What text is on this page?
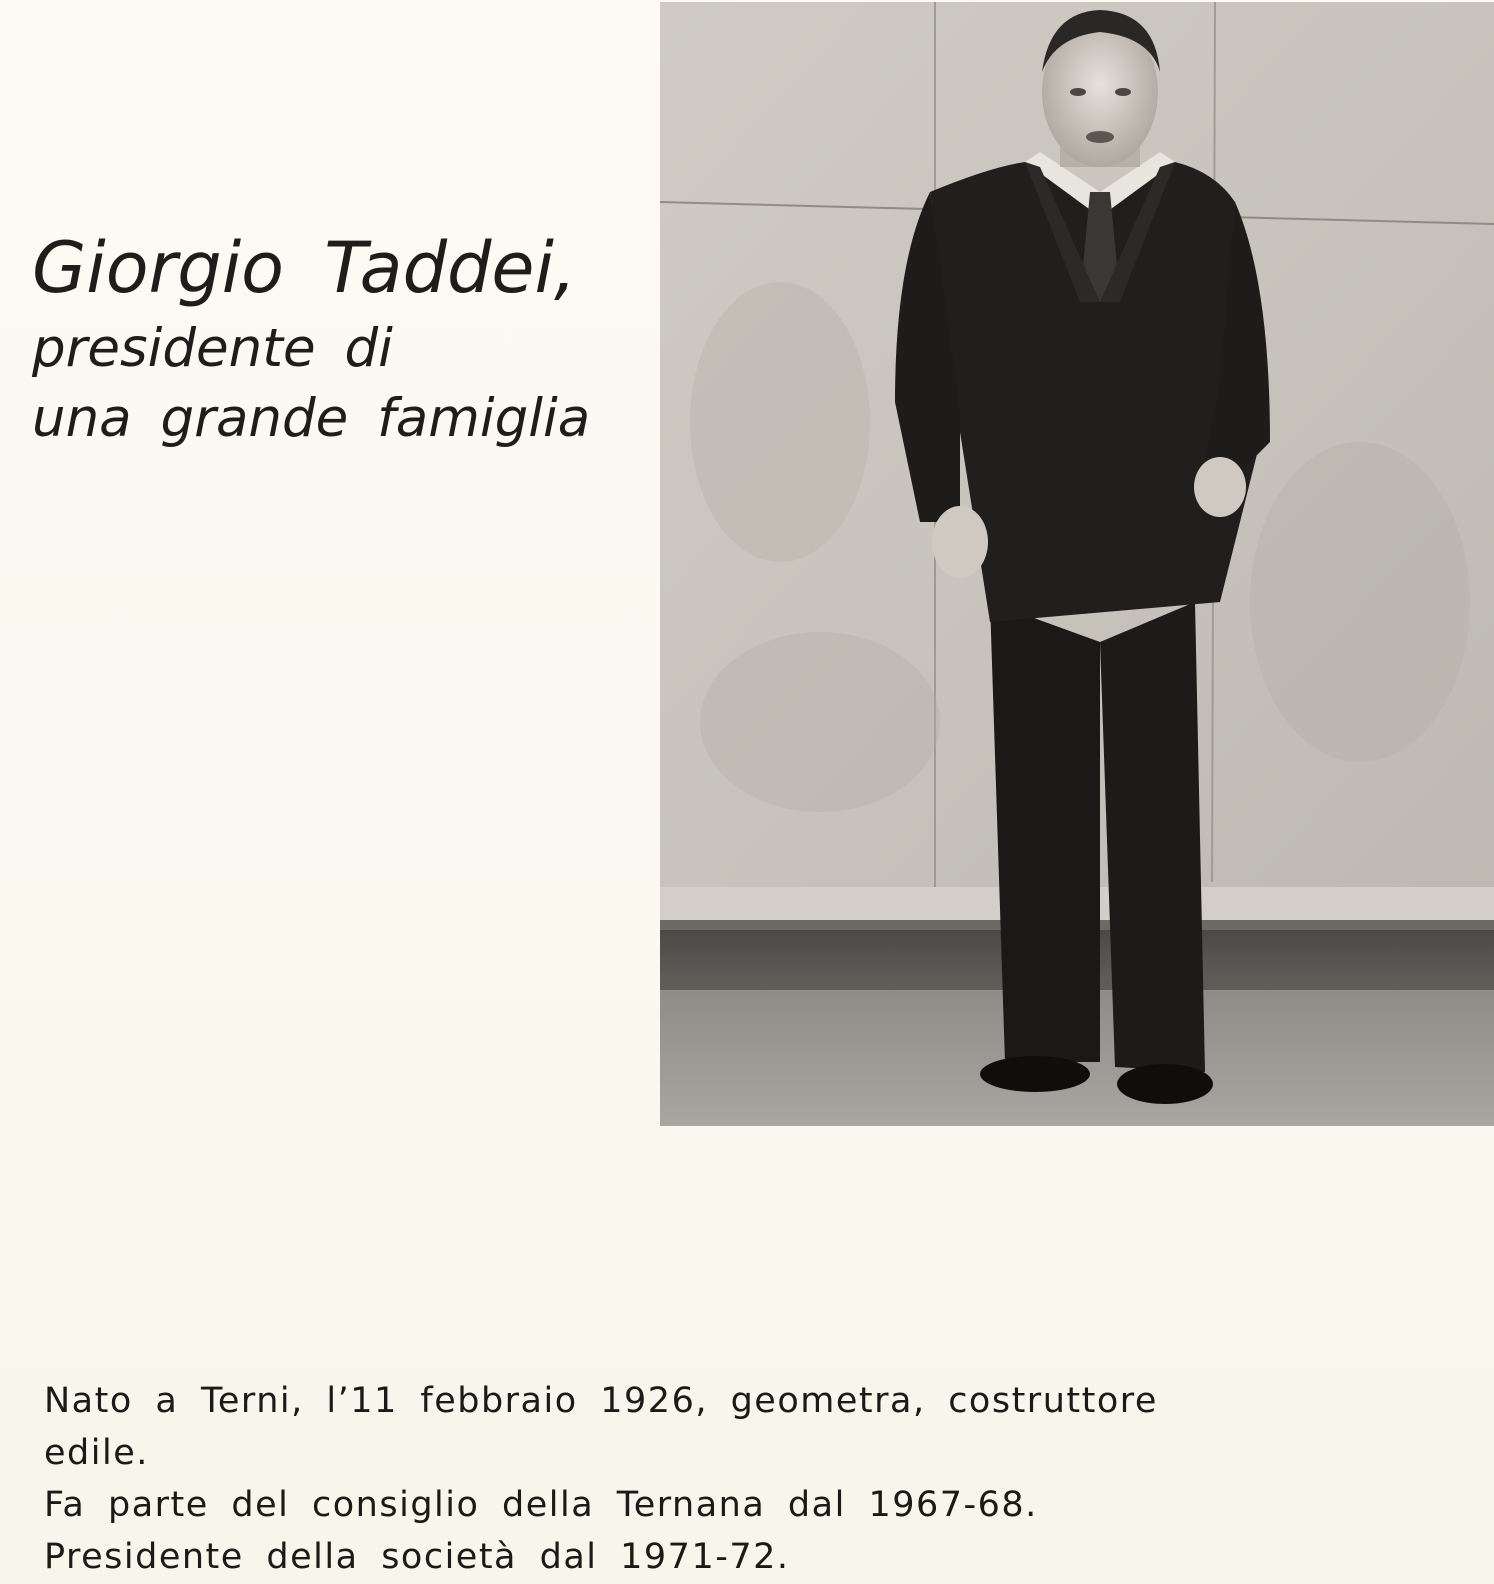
Giorgio Taddei,
presidente di
una grande famiglia
Nato a Terni, l’11 febbraio 1926, geometra, costruttore
edile.
Fa parte del consiglio della Ternana dal 1967-68.
Presidente della società dal 1971-72.
